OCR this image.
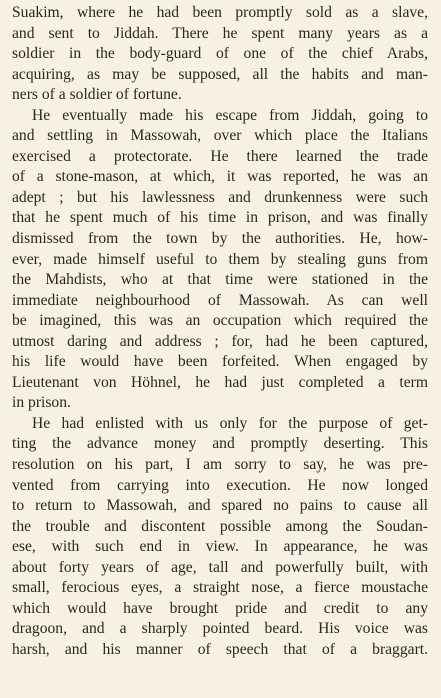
Suakim, where he had been promptly sold as a slave,
and sent to Jiddah. There he spent many years as a
soldier in the body-guard of one of the chief Arabs,
acquiring, as may be supposed, all the habits and man-
ners of a soldier of fortune.
He eventually made his escape from Jiddah, going to
and settling in Massowah, over which place the Italians
exercised a protectorate. He there learned the trade
of a stone-mason, at which, it was reported, he was an
adept ; but his lawlessness and drunkenness were such
that he spent much of his time in prison, and was finally
dismissed from the town by the authorities. He, how-
ever, made himself useful to them by stealing guns from
the Mahdists, who at that time were stationed in the
immediate neighbourhood of Massowah. As can well
be imagined, this was an occupation which required the
utmost daring and address ; for, had he been captured,
his life would have been forfeited. When engaged by
Lieutenant von Höhnel, he had just completed a term
in prison.
He had enlisted with us only for the purpose of get-
ting the advance money and promptly deserting. This
resolution on his part, I am sorry to say, he was pre-
vented from carrying into execution. He now longed
to return to Massowah, and spared no pains to cause all
the trouble and discontent possible among the Soudan-
ese, with such end in view. In appearance, he was
about forty years of age, tall and powerfully built, with
small, ferocious eyes, a straight nose, a fierce moustache
which would have brought pride and credit to any
dragoon, and a sharply pointed beard. His voice was
harsh, and his manner of speech that of a braggart.
